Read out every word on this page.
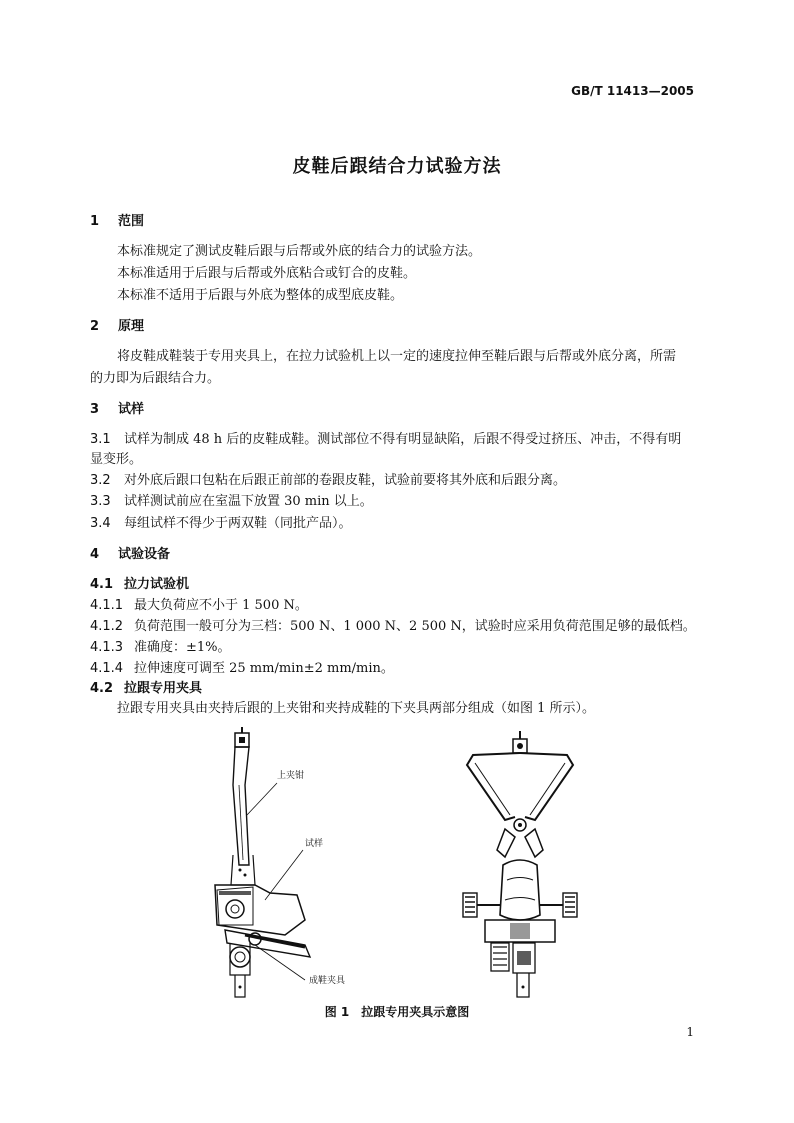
GB/T 11413—2005
皮鞋后跟结合力试验方法
1 范围
本标准规定了测试皮鞋后跟与后帮或外底的结合力的试验方法。
本标准适用于后跟与后帮或外底粘合或钉合的皮鞋。
本标准不适用于后跟与外底为整体的成型底皮鞋。
2 原理
将皮鞋成鞋装于专用夹具上，在拉力试验机上以一定的速度拉伸至鞋后跟与后帮或外底分离，所需
的力即为后跟结合力。
3 试样
3.1 试样为制成 48 h 后的皮鞋成鞋。测试部位不得有明显缺陷，后跟不得受过挤压、冲击，不得有明
显变形。
3.2 对外底后跟口包粘在后跟正前部的卷跟皮鞋，试验前要将其外底和后跟分离。
3.3 试样测试前应在室温下放置 30 min 以上。
3.4 每组试样不得少于两双鞋（同批产品）。
4 试验设备
4.1 拉力试验机
4.1.1 最大负荷应不小于 1 500 N。
4.1.2 负荷范围一般可分为三档：500 N、1 000 N、2 500 N，试验时应采用负荷范围足够的最低档。
4.1.3 准确度：±1%。
4.1.4 拉伸速度可调至 25 mm/min±2 mm/min。
4.2 拉跟专用夹具
拉跟专用夹具由夹持后跟的上夹钳和夹持成鞋的下夹具两部分组成（如图 1 所示）。
上夹钳
试样
成鞋夹具
图 1 拉跟专用夹具示意图
1
